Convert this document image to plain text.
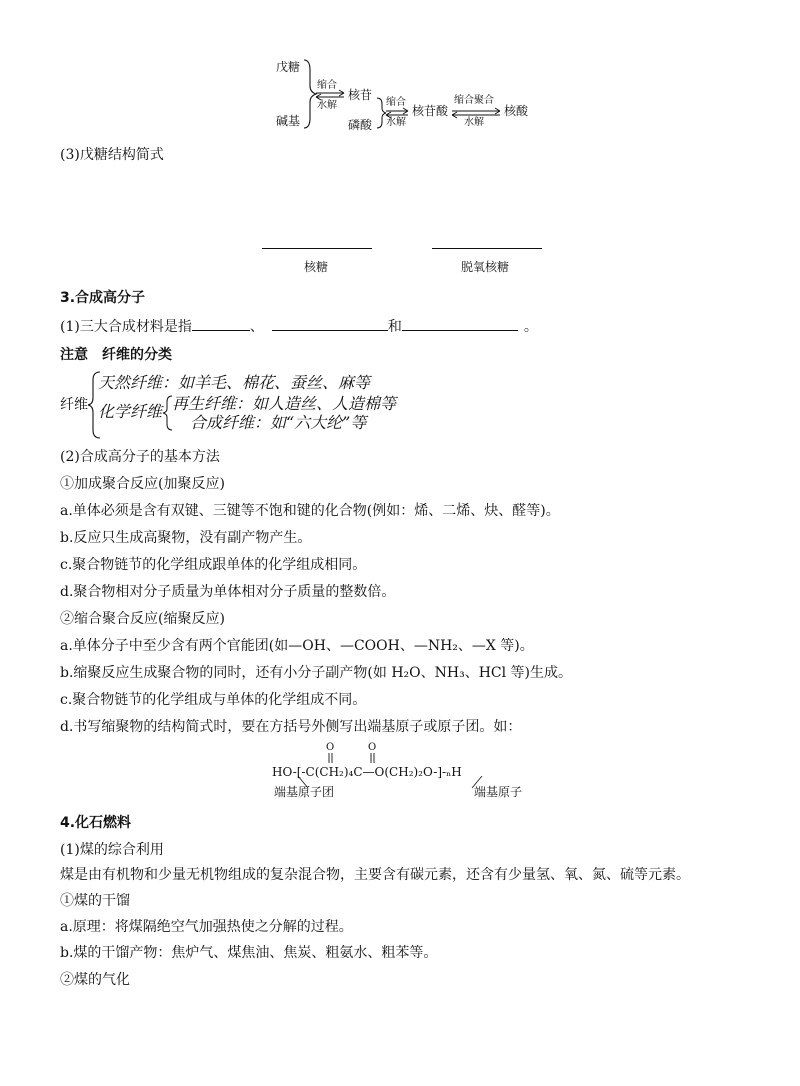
戊糖
碱基
缩合
水解
核苷
磷酸
缩合
水解
核苷酸
缩合聚合
水解
核酸
(3)戊糖结构简式
核糖	脱氧核糖
3.合成高分子
(1)三大合成材料是指	、	和	。
注意　纤维的分类
纤维
天然纤维：如羊毛、棉花、蚕丝、麻等
化学纤维 再生纤维：如人造丝、人造棉等
合成纤维：如“六大纶”等
(2)合成高分子的基本方法
①加成聚合反应(加聚反应)
a.单体必须是含有双键、三键等不饱和键的化合物(例如：烯、二烯、炔、醛等)。
b.反应只生成高聚物，没有副产物产生。
c.聚合物链节的化学组成跟单体的化学组成相同。
d.聚合物相对分子质量为单体相对分子质量的整数倍。
②缩合聚合反应(缩聚反应)
a.单体分子中至少含有两个官能团(如—OH、—COOH、—NH₂、—X 等)。
b.缩聚反应生成聚合物的同时，还有小分子副产物(如 H₂O、NH₃、HCl 等)生成。
c.聚合物链节的化学组成与单体的化学组成不同。
d.书写缩聚物的结构简式时，要在方括号外侧写出端基原子或原子团。如：
O	O
HO-[-C(CH₂)₄C—O(CH₂)₂O-]-ₙH
端基原子团	端基原子
4.化石燃料
(1)煤的综合利用
煤是由有机物和少量无机物组成的复杂混合物，主要含有碳元素，还含有少量氢、氧、氮、硫等元素。
①煤的干馏
a.原理：将煤隔绝空气加强热使之分解的过程。
b.煤的干馏产物：焦炉气、煤焦油、焦炭、粗氨水、粗苯等。
②煤的气化
